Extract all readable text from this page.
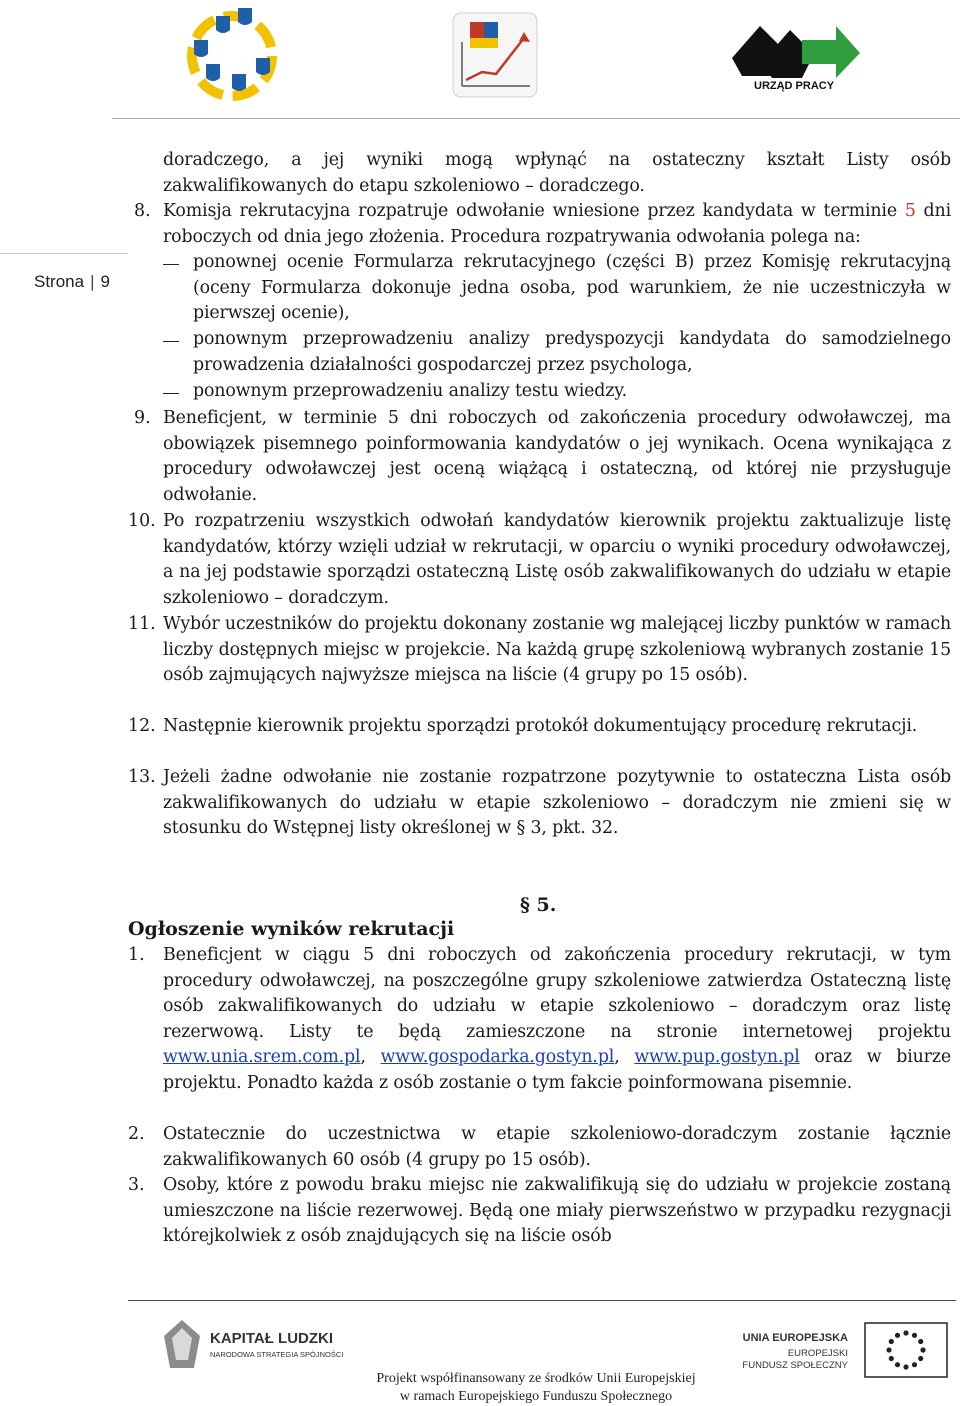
URZĄD PRACY
Strona | 9
doradczego, a jej wyniki mogą wpłynąć na ostateczny kształt Listy osób zakwalifikowanych do etapu szkoleniowo – doradczego.
8. Komisja rekrutacyjna rozpatruje odwołanie wniesione przez kandydata w terminie 5 dni roboczych od dnia jego złożenia. Procedura rozpatrywania odwołania polega na:
ponownej ocenie Formularza rekrutacyjnego (części B) przez Komisję rekrutacyjną (oceny Formularza dokonuje jedna osoba, pod warunkiem, że nie uczestniczyła w pierwszej ocenie),
ponownym przeprowadzeniu analizy predyspozycji kandydata do samodzielnego prowadzenia działalności gospodarczej przez psychologa,
ponownym przeprowadzeniu analizy testu wiedzy.
9. Beneficjent, w terminie 5 dni roboczych od zakończenia procedury odwoławczej, ma obowiązek pisemnego poinformowania kandydatów o jej wynikach. Ocena wynikająca z procedury odwoławczej jest oceną wiążącą i ostateczną, od której nie przysługuje odwołanie.
10. Po rozpatrzeniu wszystkich odwołań kandydatów kierownik projektu zaktualizuje listę kandydatów, którzy wzięli udział w rekrutacji, w oparciu o wyniki procedury odwoławczej, a na jej podstawie sporządzi ostateczną Listę osób zakwalifikowanych do udziału w etapie szkoleniowo – doradczym.
11. Wybór uczestników do projektu dokonany zostanie wg malejącej liczby punktów w ramach liczby dostępnych miejsc w projekcie. Na każdą grupę szkoleniową wybranych zostanie 15 osób zajmujących najwyższe miejsca na liście (4 grupy po 15 osób).
12. Następnie kierownik projektu sporządzi protokół dokumentujący procedurę rekrutacji.
13. Jeżeli żadne odwołanie nie zostanie rozpatrzone pozytywnie to ostateczna Lista osób zakwalifikowanych do udziału w etapie szkoleniowo – doradczym nie zmieni się w stosunku do Wstępnej listy określonej w § 3, pkt. 32.
§ 5.
Ogłoszenie wyników rekrutacji
1. Beneficjent w ciągu 5 dni roboczych od zakończenia procedury rekrutacji, w tym procedury odwoławczej, na poszczególne grupy szkoleniowe zatwierdza Ostateczną listę osób zakwalifikowanych do udziału w etapie szkoleniowo – doradczym oraz listę rezerwową. Listy te będą zamieszczone na stronie internetowej projektu www.unia.srem.com.pl, www.gospodarka.gostyn.pl, www.pup.gostyn.pl oraz w biurze projektu. Ponadto każda z osób zostanie o tym fakcie poinformowana pisemnie.
2. Ostatecznie do uczestnictwa w etapie szkoleniowo-doradczym zostanie łącznie zakwalifikowanych 60 osób (4 grupy po 15 osób).
3. Osoby, które z powodu braku miejsc nie zakwalifikują się do udziału w projekcie zostaną umieszczone na liście rezerwowej. Będą one miały pierwszeństwo w przypadku rezygnacji którejkolwiek z osób znajdujących się na liście osób
KAPITAŁ LUDZKI
NARODOWA STRATEGIA SPÓJNOŚCI
UNIA EUROPEJSKA
EUROPEJSKI
FUNDUSZ SPOŁECZNY
Projekt współfinansowany ze środków Unii Europejskiej
w ramach Europejskiego Funduszu Społecznego
